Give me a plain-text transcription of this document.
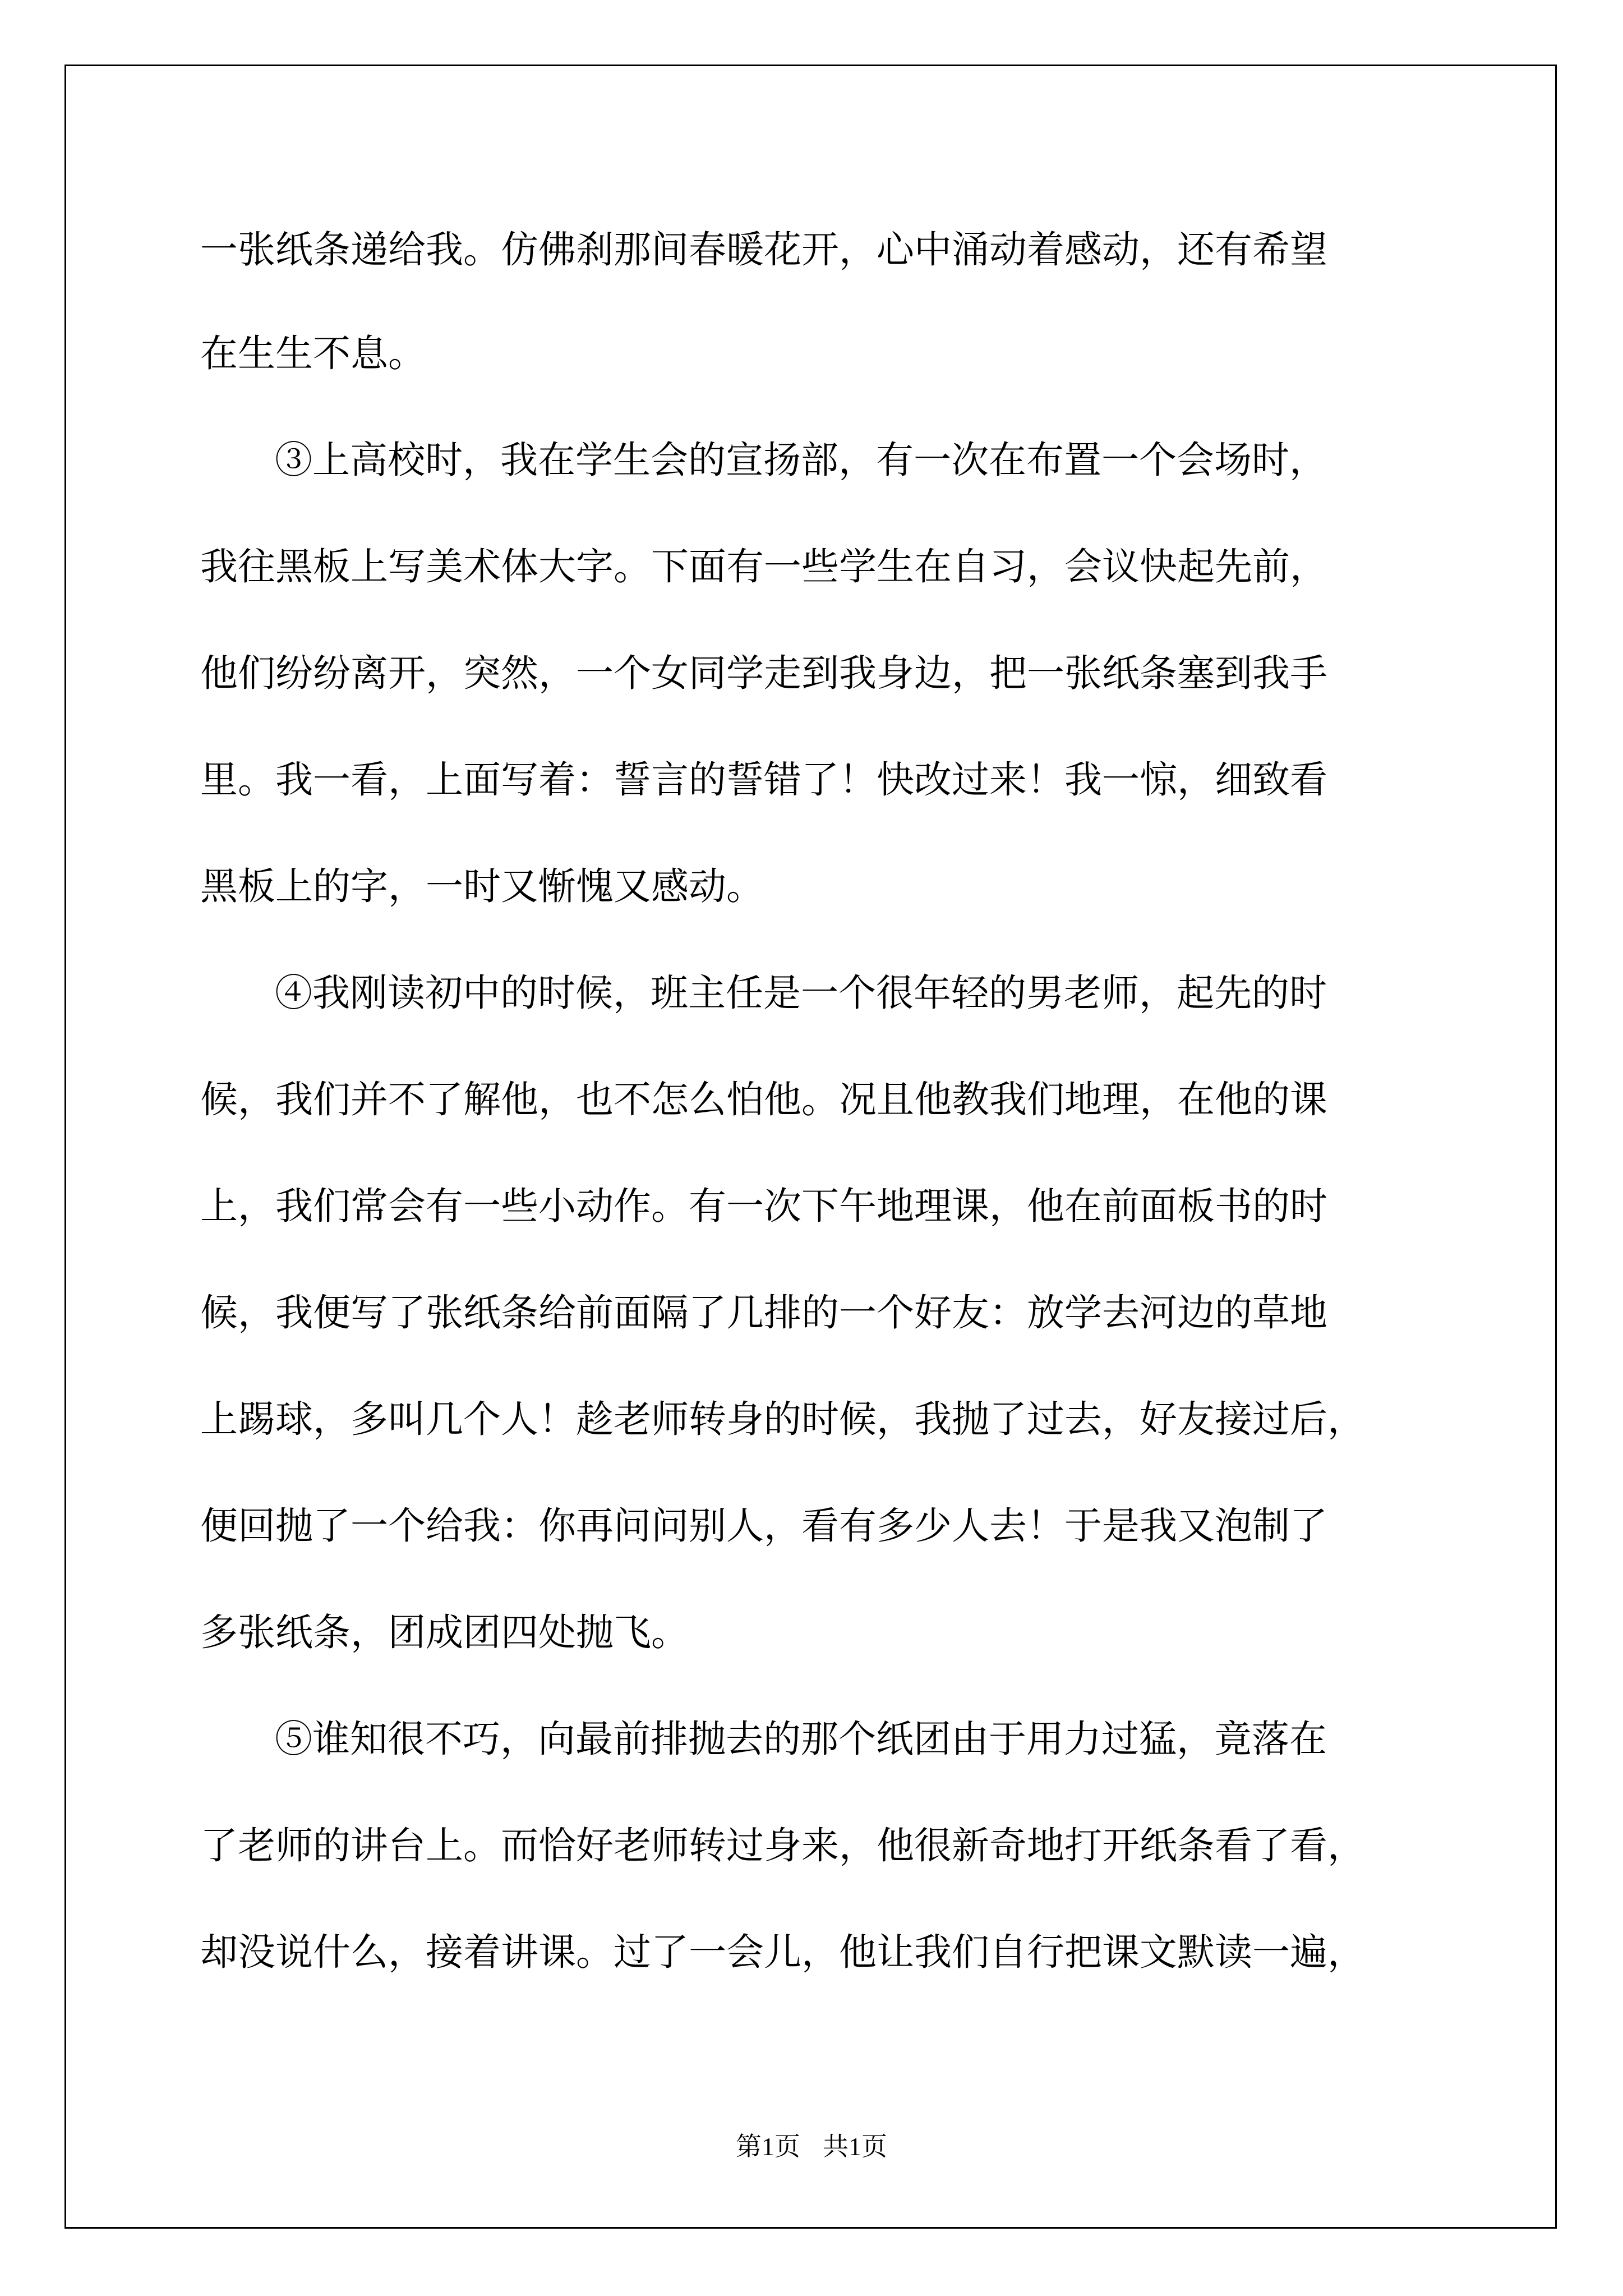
一张纸条递给我。仿佛刹那间春暖花开，心中涌动着感动，还有希望
在生生不息。
③上高校时，我在学生会的宣扬部，有一次在布置一个会场时，
我往黑板上写美术体大字。下面有一些学生在自习，会议快起先前，
他们纷纷离开，突然，一个女同学走到我身边，把一张纸条塞到我手
里。我一看，上面写着：誓言的誓错了！快改过来！我一惊，细致看
黑板上的字，一时又惭愧又感动。
④我刚读初中的时候，班主任是一个很年轻的男老师，起先的时
候，我们并不了解他，也不怎么怕他。况且他教我们地理，在他的课
上，我们常会有一些小动作。有一次下午地理课，他在前面板书的时
候，我便写了张纸条给前面隔了几排的一个好友：放学去河边的草地
上踢球，多叫几个人！趁老师转身的时候，我抛了过去，好友接过后，
便回抛了一个给我：你再问问别人，看有多少人去！于是我又泡制了
多张纸条，团成团四处抛飞。
⑤谁知很不巧，向最前排抛去的那个纸团由于用力过猛，竟落在
了老师的讲台上。而恰好老师转过身来，他很新奇地打开纸条看了看，
却没说什么，接着讲课。过了一会儿，他让我们自行把课文默读一遍，
第1页 共1页
